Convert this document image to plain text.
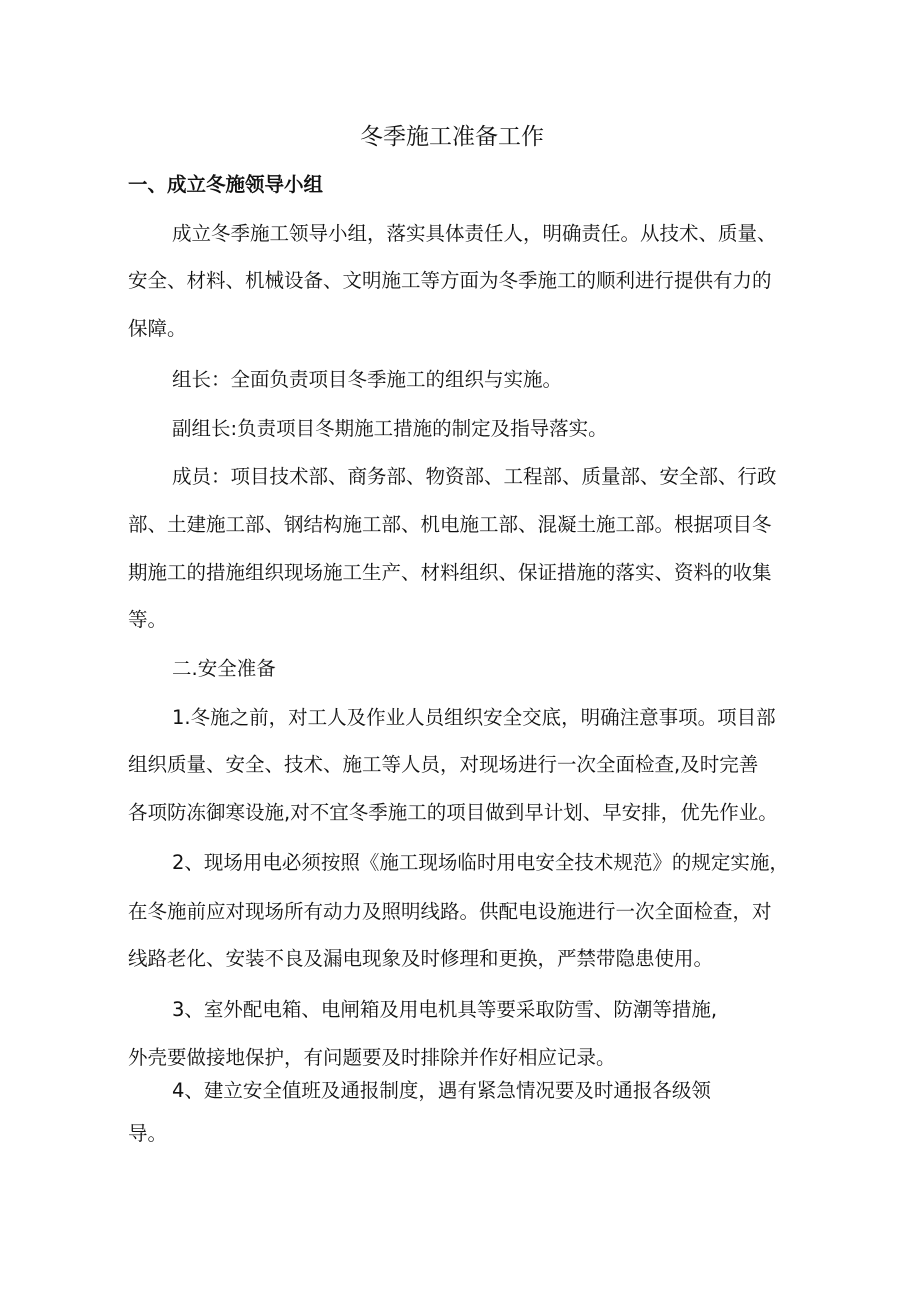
冬季施工准备工作
一、成立冬施领导小组
成立冬季施工领导小组，落实具体责任人，明确责任。从技术、质量、
安全、材料、机械设备、文明施工等方面为冬季施工的顺利进行提供有力的
保障。
组长：全面负责项目冬季施工的组织与实施。
副组长:负责项目冬期施工措施的制定及指导落实。
成员：项目技术部、商务部、物资部、工程部、质量部、安全部、行政
部、土建施工部、钢结构施工部、机电施工部、混凝土施工部。根据项目冬
期施工的措施组织现场施工生产、材料组织、保证措施的落实、资料的收集
等。
二.安全准备
1.冬施之前，对工人及作业人员组织安全交底，明确注意事项。项目部
组织质量、安全、技术、施工等人员，对现场进行一次全面检查,及时完善
各项防冻御寒设施,对不宜冬季施工的项目做到早计划、早安排，优先作业。
2、现场用电必须按照《施工现场临时用电安全技术规范》的规定实施，
在冬施前应对现场所有动力及照明线路。供配电设施进行一次全面检查，对
线路老化、安装不良及漏电现象及时修理和更换，严禁带隐患使用。
3、室外配电箱、电闸箱及用电机具等要采取防雪、防潮等措施,
外壳要做接地保护，有问题要及时排除并作好相应记录。
4、建立安全值班及通报制度，遇有紧急情况要及时通报各级领
导。
